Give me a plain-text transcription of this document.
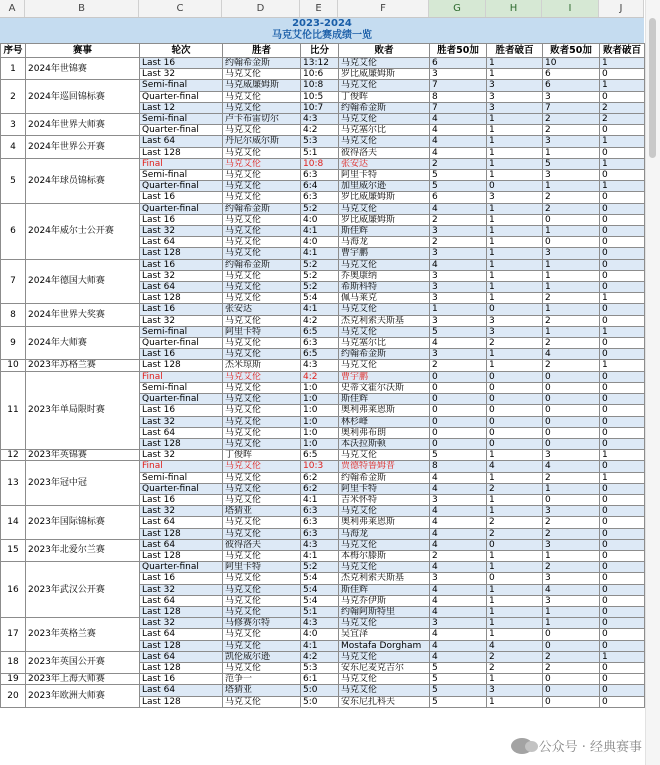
A	B	C	D	E	F	G	H	I	J
2023-2024
马克艾伦比赛成绩一览
序号	赛事	轮次	胜者	比分	败者	胜者50加	胜者破百	败者50加	败者破百
1	2024年世锦赛	Last 16	约翰希金斯	13:12	马克艾伦	6	1	10	1
		Last 32	马克艾伦	10:6	罗比威廉姆斯	3	1	6	0
2	2024年巡回锦标赛	Semi-final	马克威廉姆斯	10:8	马克艾伦	7	3	6	1
		Quarter-final	马克艾伦	10:5	丁俊晖	8	3	3	0
		Last 12	马克艾伦	10:7	约翰希金斯	7	3	7	2
3	2024年世界大师赛	Semi-final	卢卡布雷切尔	4:3	马克艾伦	4	1	2	2
		Quarter-final	马克艾伦	4:2	马克塞尔比	4	1	2	0
4	2024年世界公开赛	Last 64	丹尼尔威尔斯	5:3	马克艾伦	4	1	3	1
		Last 128	马克艾伦	5:1	彼得洛夫	4	1	1	0
5	2024年球员锦标赛	Final	马克艾伦	10:8	张安达	2	1	5	1
		Semi-final	马克艾伦	6:3	阿里卡特	5	1	3	0
		Quarter-final	马克艾伦	6:4	加里威尔逊	5	0	1	1
		Last 16	马克艾伦	6:3	罗比威廉姆斯	6	3	2	0
6	2024年威尔士公开赛	Quarter-final	约翰希金斯	5:2	马克艾伦	4	1	2	0
		Last 16	马克艾伦	4:0	罗比威廉姆斯	2	1	0	0
		Last 32	马克艾伦	4:1	斯佳辉	3	1	1	0
		Last 64	马克艾伦	4:0	马海龙	2	1	0	0
		Last 128	马克艾伦	4:1	曹宇鹏	3	1	3	0
7	2024年德国大师赛	Last 16	约翰希金斯	5:2	马克艾伦	4	1	1	0
		Last 32	马克艾伦	5:2	乔奥康纳	3	1	1	0
		Last 64	马克艾伦	5:2	希斯科特	3	1	1	0
		Last 128	马克艾伦	5:4	佩马莱克	3	1	2	1
8	2024年世界大奖赛	Last 16	张安达	4:1	马克艾伦	1	0	1	0
		Last 32	马克艾伦	4:2	杰克利索夫斯基	3	3	2	0
9	2024年大师赛	Semi-final	阿里卡特	6:5	马克艾伦	5	3	1	1
		Quarter-final	马克艾伦	6:3	马克塞尔比	4	2	2	0
		Last 16	马克艾伦	6:5	约翰希金斯	3	1	4	0
10	2023年苏格兰赛	Last 128	杰米琼斯	4:3	马克艾伦	2	1	2	1
11	2023年单局限时赛	Final	马克艾伦	4:2	曹宇鹏	0	0	0	0
		Semi-final	马克艾伦	1:0	史蒂文霍尔沃斯	0	0	0	0
		Quarter-final	马克艾伦	1:0	斯佳辉	0	0	0	0
		Last 16	马克艾伦	1:0	奥利弗莱恩斯	0	0	0	0
		Last 32	马克艾伦	1:0	林杉峰	0	0	0	0
		Last 64	马克艾伦	1:0	奥利弗布朗	0	0	0	0
		Last 128	马克艾伦	1:0	本沃拉斯顿	0	0	0	0
12	2023年英锦赛	Last 32	丁俊晖	6:5	马克艾伦	5	1	3	1
13	2023年冠中冠	Final	马克艾伦	10:3	贾德特鲁姆普	8	4	4	0
		Semi-final	马克艾伦	6:2	约翰希金斯	4	1	2	1
		Quarter-final	马克艾伦	6:2	阿里卡特	4	2	1	0
		Last 16	马克艾伦	4:1	吉米怀特	3	1	0	0
14	2023年国际锦标赛	Last 32	塔猜亚	6:3	马克艾伦	4	1	3	0
		Last 64	马克艾伦	6:3	奥利弗莱恩斯	4	2	2	0
		Last 128	马克艾伦	6:3	马海龙	4	2	2	0
15	2023年北爱尔兰赛	Last 64	彼得洛夫	4:3	马克艾伦	4	0	3	0
		Last 128	马克艾伦	4:1	本梅尔滕斯	2	1	1	0
16	2023年武汉公开赛	Quarter-final	阿里卡特	5:2	马克艾伦	4	1	2	0
		Last 16	马克艾伦	5:4	杰克利索夫斯基	3	0	3	0
		Last 32	马克艾伦	5:4	斯佳辉	4	1	4	0
		Last 64	马克艾伦	5:4	马克乔伊斯	4	1	3	0
		Last 128	马克艾伦	5:1	约翰阿斯特里	4	1	1	0
17	2023年英格兰赛	Last 32	马修赛尔特	4:3	马克艾伦	3	1	1	0
		Last 64	马克艾伦	4:0	吴宜泽	4	1	0	0
		Last 128	马克艾伦	4:1	Mostafa Dorgham	4	4	0	0
18	2023年英国公开赛	Last 64	凯伦威尔逊	4:2	马克艾伦	4	2	2	1
		Last 128	马克艾伦	5:3	安东尼麦克吉尔	5	2	2	0
19	2023年上海大师赛	Last 16	范争一	6:1	马克艾伦	5	1	0	0
20	2023年欧洲大师赛	Last 64	塔猜亚	5:0	马克艾伦	5	3	0	0
		Last 128	马克艾伦	5:0	安东尼扎科夫	5	1	0	0
公众号 · 经典赛事
